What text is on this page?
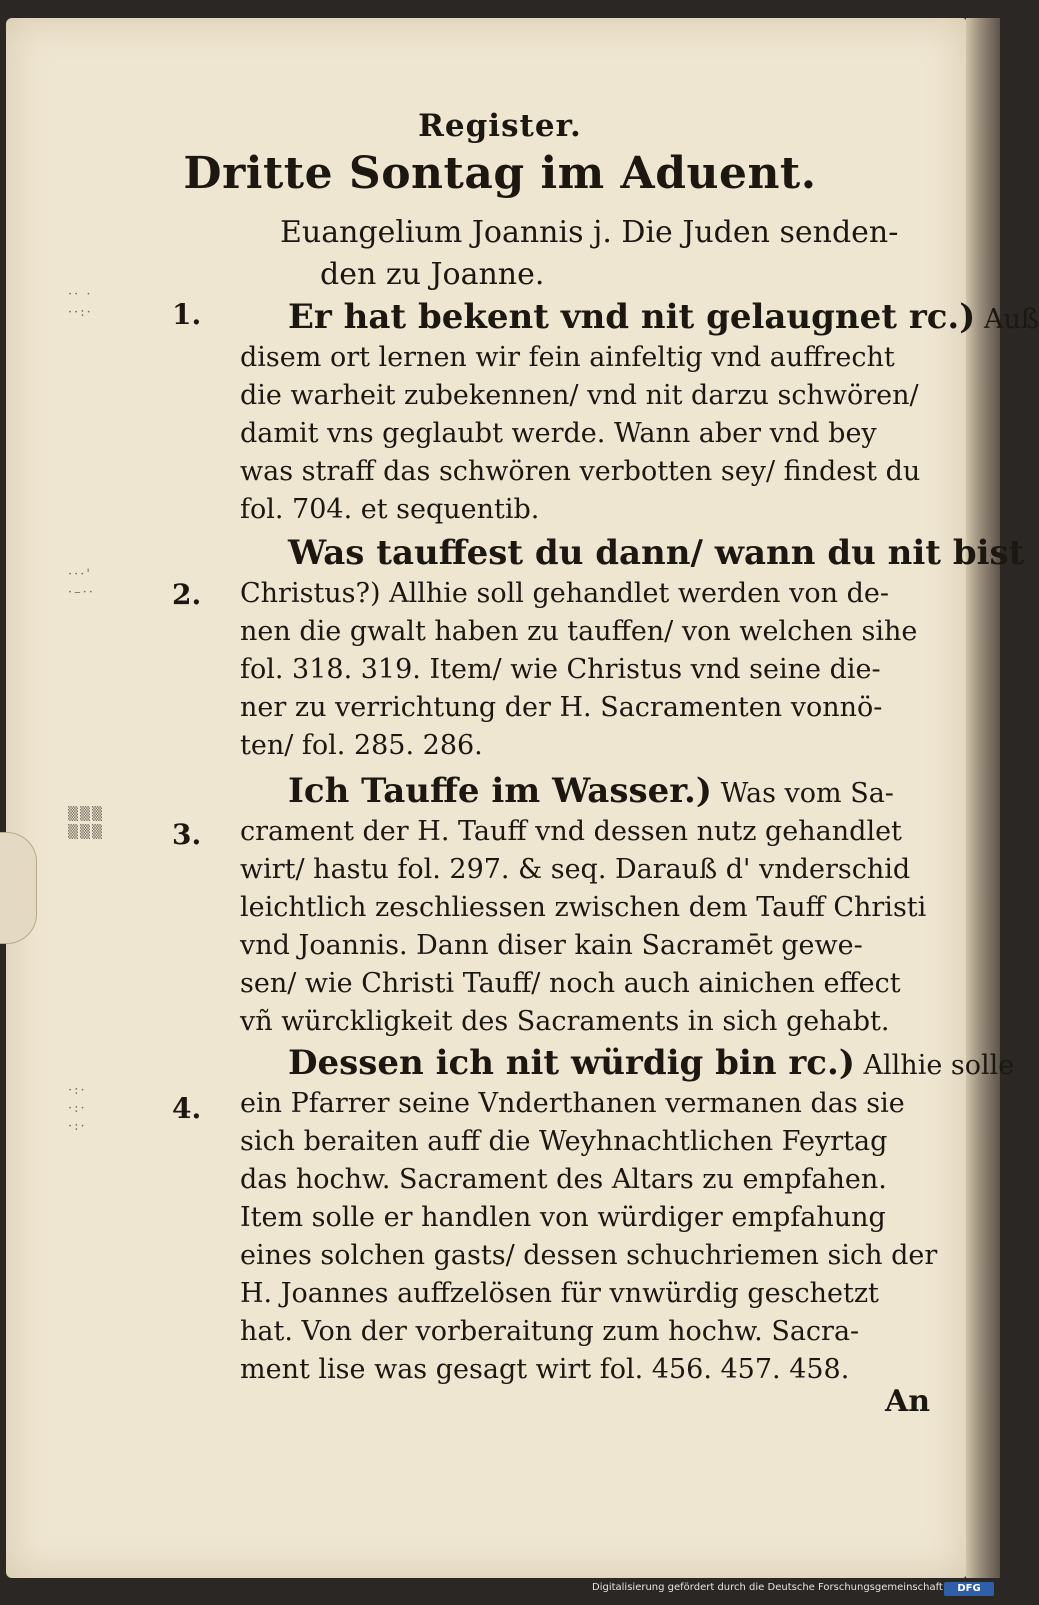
Register.
Dritte Sontag im Aduent.
Euangelium Joannis j. Die Juden senden-
den zu Joanne.
·· ·
··:·
···'
·–··
▒▒▒
▒▒▒
·:·
·:·
·:·
1.	Er hat bekent vnd nit gelaugnet rc.) Auß
disem ort lernen wir fein ainfeltig vnd auffrecht
die warheit zubekennen/ vnd nit darzu schwören/
damit vns geglaubt werde. Wann aber vnd bey
was straff das schwören verbotten sey/ findest du
fol. 704. et sequentib.
2.
Was tauffest du dann/ wann du nit bist
Christus?) Allhie soll gehandlet werden von de-
nen die gwalt haben zu tauffen/ von welchen sihe
fol. 318. 319. Item/ wie Christus vnd seine die-
ner zu verrichtung der H. Sacramenten vonnö-
ten/ fol. 285. 286.
3.
Ich Tauffe im Wasser.) Was vom Sa-
crament der H. Tauff vnd dessen nutz gehandlet
wirt/ hastu fol. 297. & seq. Darauß d' vnderschid
leichtlich zeschliessen zwischen dem Tauff Christi
vnd Joannis. Dann diser kain Sacramēt gewe-
sen/ wie Christi Tauff/ noch auch ainichen effect
vñ würckligkeit des Sacraments in sich gehabt.
4.
Dessen ich nit würdig bin rc.) Allhie solle
ein Pfarrer seine Vnderthanen vermanen das sie
sich beraiten auff die Weyhnachtlichen Feyrtag
das hochw. Sacrament des Altars zu empfahen.
Item solle er handlen von würdiger empfahung
eines solchen gasts/ dessen schuchriemen sich der
H. Joannes auffzelösen für vnwürdig geschetzt
hat. Von der vorberaitung zum hochw. Sacra-
ment lise was gesagt wirt fol. 456. 457. 458.
An
Digitalisierung gefördert durch die Deutsche Forschungsgemeinschaft	DFG
